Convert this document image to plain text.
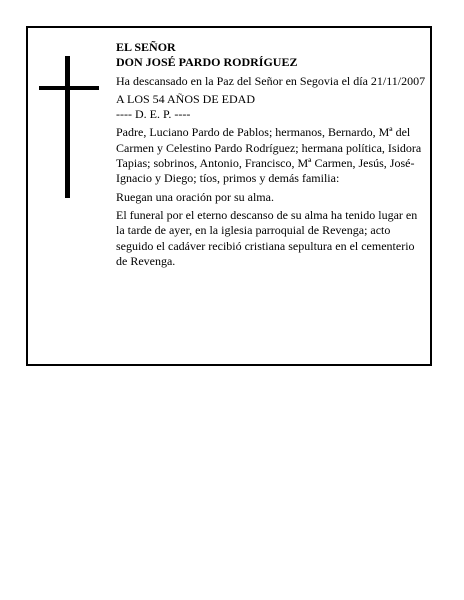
EL SEÑOR

DON JOSÉ PARDO RODRÍGUEZ

Ha descansado en la Paz del Señor en Segovia el día 21/11/2007

A LOS 54 AÑOS DE EDAD

---- D. E. P. ----

Padre, Luciano Pardo de Pablos; hermanos, Bernardo, Mª del Carmen y Celestino Pardo Rodríguez; hermana política, Isidora Tapias; sobrinos, Antonio, Francisco, Mª Carmen, Jesús, José-Ignacio y Diego; tíos, primos y demás familia:

Ruegan una oración por su alma.

El funeral por el eterno descanso de su alma ha tenido lugar en la tarde de ayer, en la iglesia parroquial de Revenga; acto seguido el cadáver recibió cristiana sepultura en el cementerio de Revenga.
